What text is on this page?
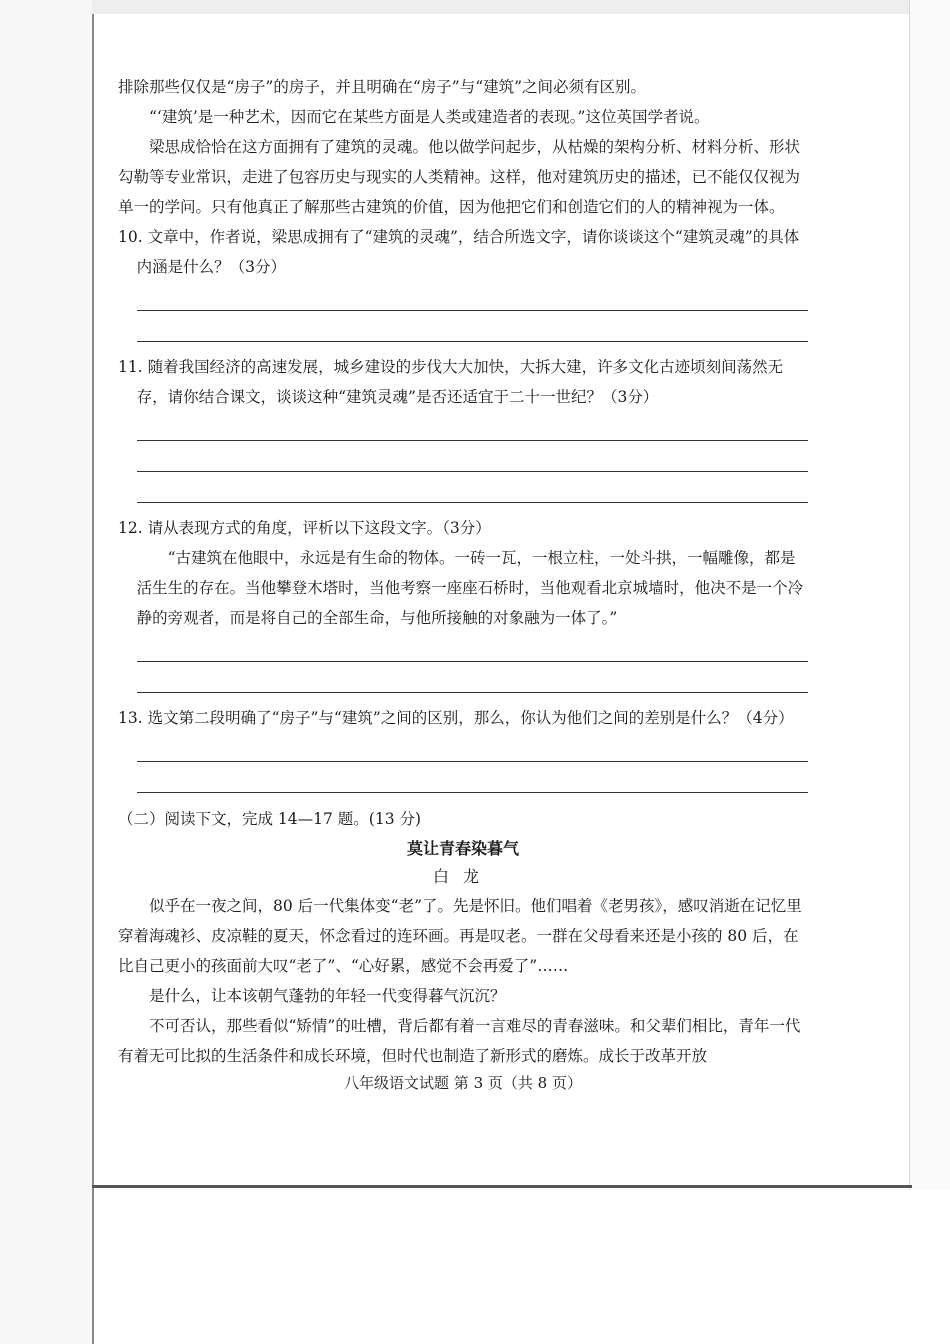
排除那些仅仅是“房子”的房子，并且明确在“房子”与“建筑”之间必须有区别。

“‘建筑’是一种艺术，因而它在某些方面是人类或建造者的表现。”这位英国学者说。

梁思成恰恰在这方面拥有了建筑的灵魂。他以做学问起步，从枯燥的架构分析、材料分析、形状勾勒等专业常识，走进了包容历史与现实的人类精神。这样，他对建筑历史的描述，已不能仅仅视为单一的学问。只有他真正了解那些古建筑的价值，因为他把它们和创造它们的人的精神视为一体。

10. 文章中，作者说，梁思成拥有了“建筑的灵魂”，结合所选文字，请你谈谈这个“建筑灵魂”的具体内涵是什么？（3分）

11. 随着我国经济的高速发展，城乡建设的步伐大大加快，大拆大建，许多文化古迹顷刻间荡然无存，请你结合课文，谈谈这种“建筑灵魂”是否还适宜于二十一世纪？（3分）

12. 请从表现方式的角度，评析以下这段文字。（3分）

“古建筑在他眼中，永远是有生命的物体。一砖一瓦，一根立柱，一处斗拱，一幅雕像，都是活生生的存在。当他攀登木塔时，当他考察一座座石桥时，当他观看北京城墙时，他决不是一个冷静的旁观者，而是将自己的全部生命，与他所接触的对象融为一体了。”

13. 选文第二段明确了“房子”与“建筑”之间的区别，那么，你认为他们之间的差别是什么？（4分）

（二）阅读下文，完成 14—17 题。(13 分)

莫让青春染暮气

白龙

似乎在一夜之间，80 后一代集体变“老”了。先是怀旧。他们唱着《老男孩》，感叹消逝在记忆里穿着海魂衫、皮凉鞋的夏天，怀念看过的连环画。再是叹老。一群在父母看来还是小孩的 80 后，在比自己更小的孩面前大叹“老了”、“心好累，感觉不会再爱了”……

是什么，让本该朝气蓬勃的年轻一代变得暮气沉沉？

不可否认，那些看似“矫情”的吐槽，背后都有着一言难尽的青春滋味。和父辈们相比，青年一代有着无可比拟的生活条件和成长环境，但时代也制造了新形式的磨炼。成长于改革开放

八年级语文试题 第 3 页（共 8 页）
